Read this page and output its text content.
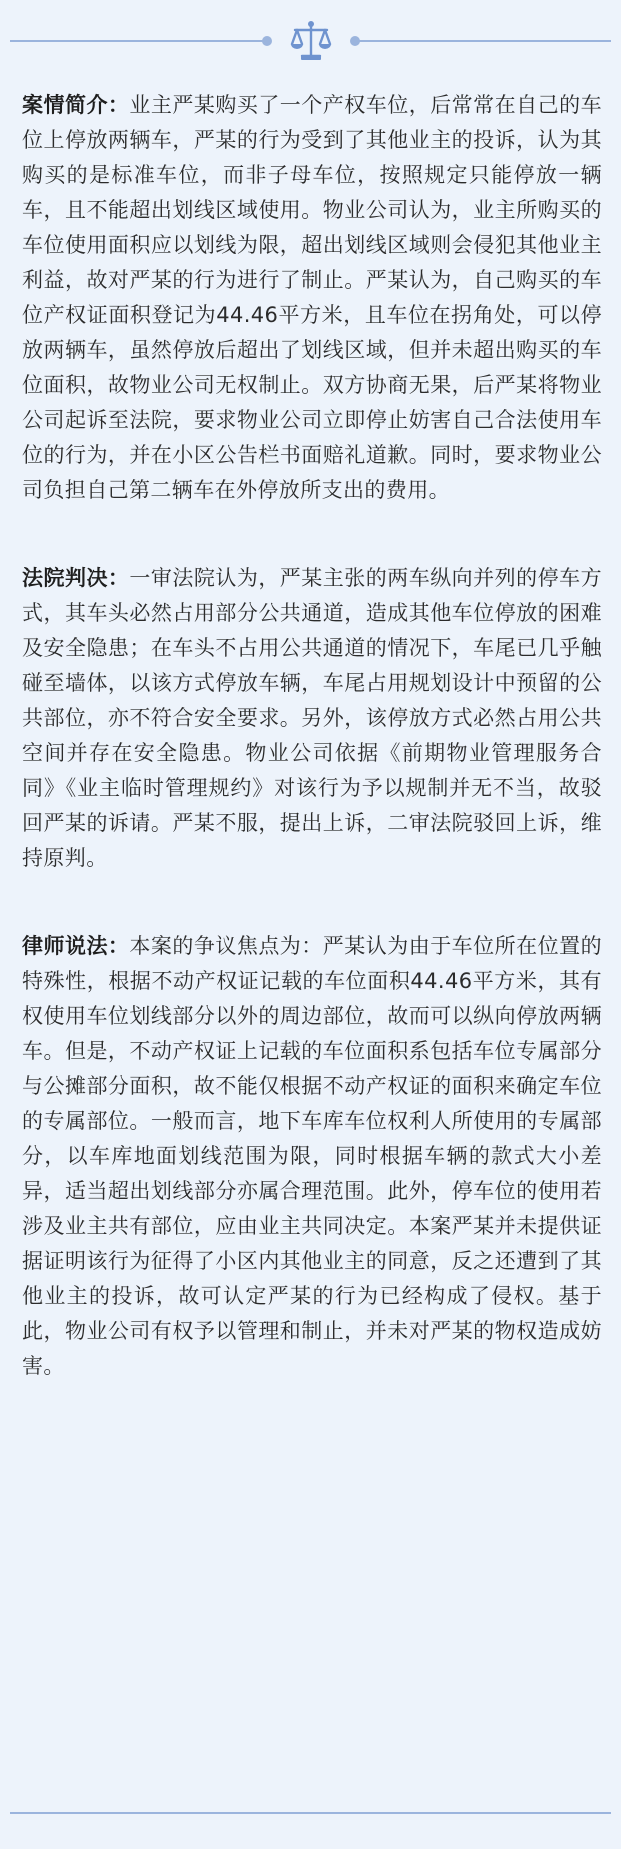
案情简介：业主严某购买了一个产权车位，后常常在自己的车位上停放两辆车，严某的行为受到了其他业主的投诉，认为其购买的是标准车位，而非子母车位，按照规定只能停放一辆车，且不能超出划线区域使用。物业公司认为，业主所购买的车位使用面积应以划线为限，超出划线区域则会侵犯其他业主利益，故对严某的行为进行了制止。严某认为，自己购买的车位产权证面积登记为44.46平方米，且车位在拐角处，可以停放两辆车，虽然停放后超出了划线区域，但并未超出购买的车位面积，故物业公司无权制止。双方协商无果，后严某将物业公司起诉至法院，要求物业公司立即停止妨害自己合法使用车位的行为，并在小区公告栏书面赔礼道歉。同时，要求物业公司负担自己第二辆车在外停放所支出的费用。

法院判决：一审法院认为，严某主张的两车纵向并列的停车方式，其车头必然占用部分公共通道，造成其他车位停放的困难及安全隐患；在车头不占用公共通道的情况下，车尾已几乎触碰至墙体，以该方式停放车辆，车尾占用规划设计中预留的公共部位，亦不符合安全要求。另外，该停放方式必然占用公共空间并存在安全隐患。物业公司依据《前期物业管理服务合同》《业主临时管理规约》对该行为予以规制并无不当，故驳回严某的诉请。严某不服，提出上诉，二审法院驳回上诉，维持原判。

律师说法：本案的争议焦点为：严某认为由于车位所在位置的特殊性，根据不动产权证记载的车位面积44.46平方米，其有权使用车位划线部分以外的周边部位，故而可以纵向停放两辆车。但是，不动产权证上记载的车位面积系包括车位专属部分与公摊部分面积，故不能仅根据不动产权证的面积来确定车位的专属部位。一般而言，地下车库车位权利人所使用的专属部分，以车库地面划线范围为限，同时根据车辆的款式大小差异，适当超出划线部分亦属合理范围。此外，停车位的使用若涉及业主共有部位，应由业主共同决定。本案严某并未提供证据证明该行为征得了小区内其他业主的同意，反之还遭到了其他业主的投诉，故可认定严某的行为已经构成了侵权。基于此，物业公司有权予以管理和制止，并未对严某的物权造成妨害。
